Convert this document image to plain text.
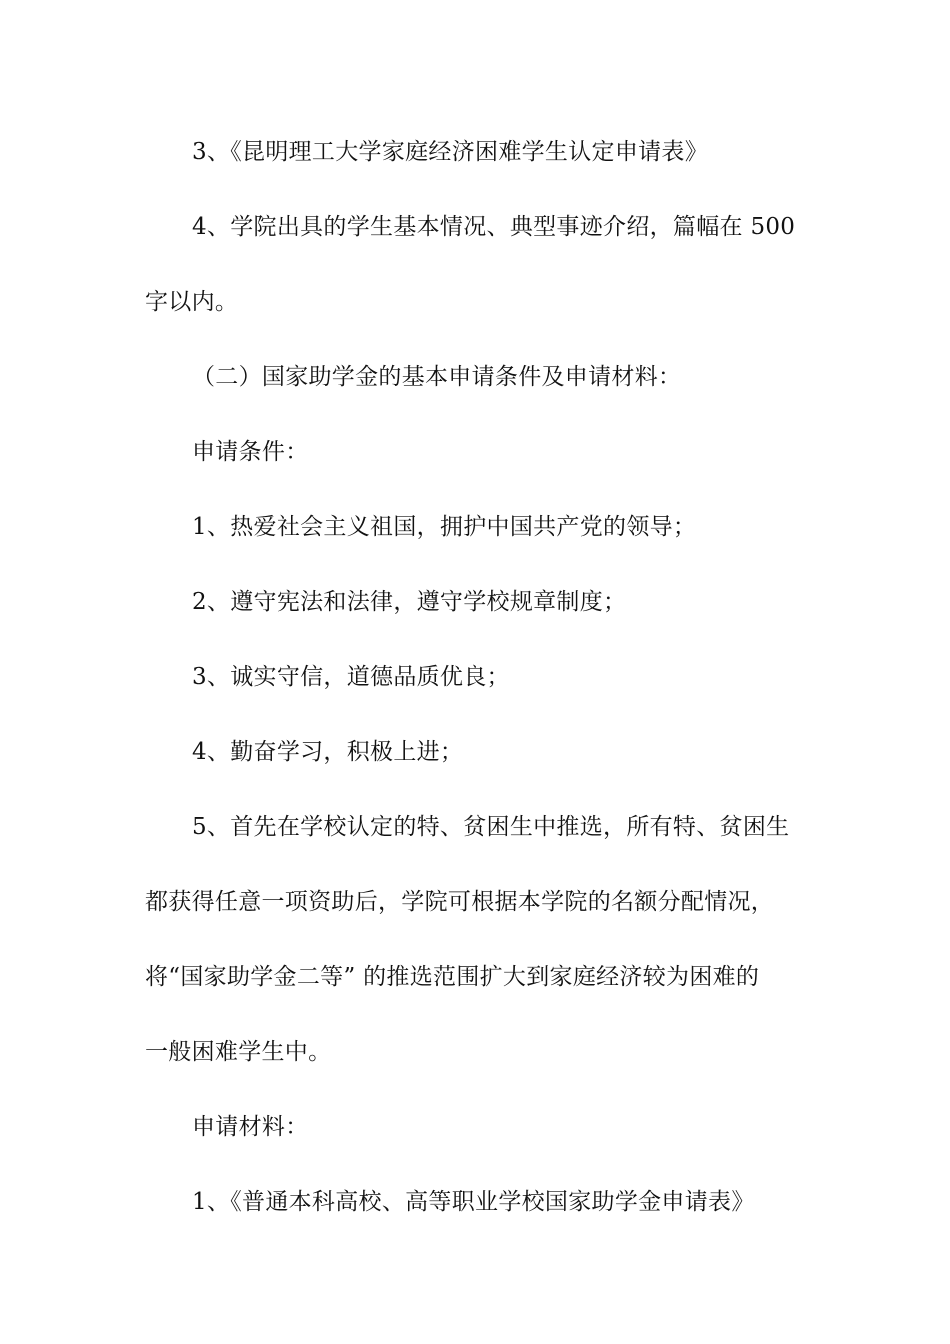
3、《昆明理工大学家庭经济困难学生认定申请表》
4、学院出具的学生基本情况、典型事迹介绍，篇幅在 500
字以内。
（二）国家助学金的基本申请条件及申请材料：
申请条件：
1、热爱社会主义祖国，拥护中国共产党的领导；
2、遵守宪法和法律，遵守学校规章制度；
3、诚实守信，道德品质优良；
4、勤奋学习，积极上进；
5、首先在学校认定的特、贫困生中推选，所有特、贫困生
都获得任意一项资助后，学院可根据本学院的名额分配情况，
将“国家助学金二等” 的推选范围扩大到家庭经济较为困难的
一般困难学生中。
申请材料：
1、《普通本科高校、高等职业学校国家助学金申请表》
